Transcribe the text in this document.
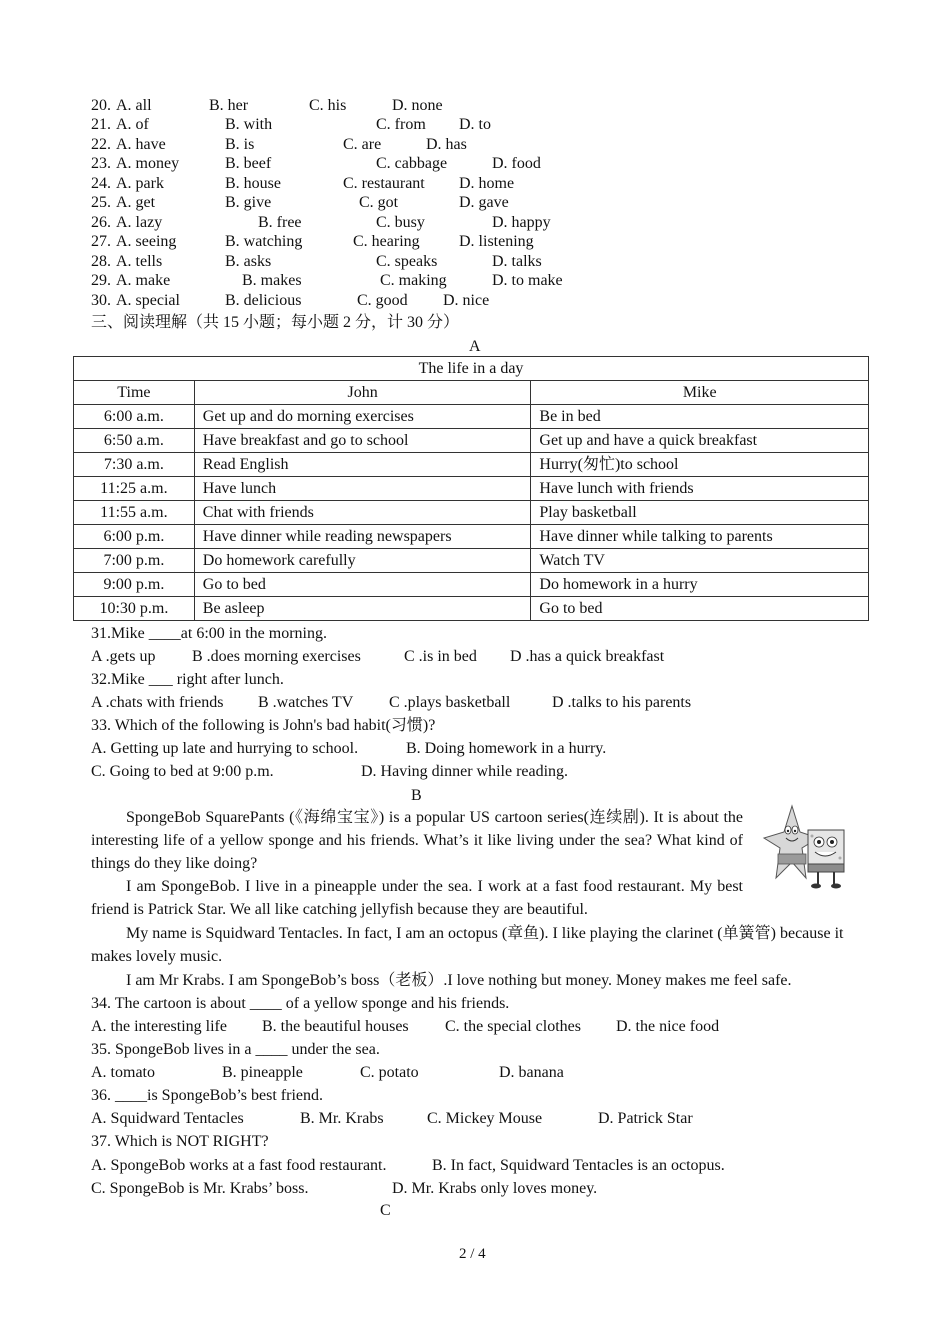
20. A. all	B. her	C. his	D. none
21. A. of	B. with	C. from D. to
22. A. have	B. is	C. are	D. has
23. A. money	B. beef	C. cabbage	D. food
24. A. park	B. house	C. restaurant D. home
25. A. get	B. give	C. got	D. gave
26. A. lazy	B. free	C. busy	D. happy
27. A. seeing	B. watching	C. hearing D. listening
28. A. tells	B. asks	C. speaks	D. talks
29. A. make	B. makes	C. making	D. to make
30. A. special	B. delicious	C. good D. nice
三、阅读理解（共 15 小题；每小题 2 分，计 30 分）
A
The life in a day		
Time	John	Mike
6:00 a.m.	Get up and do morning exercises	Be in bed
6:50 a.m.	Have breakfast and go to school	Get up and have a quick breakfast
7:30 a.m.	Read English	Hurry(匆忙)to school
11:25 a.m.	Have lunch	Have lunch with friends
11:55 a.m.	Chat with friends	Play basketball
6:00 p.m.	Have dinner while reading newspapers	Have dinner while talking to parents
7:00 p.m.	Do homework carefully	Watch TV
9:00 p.m.	Go to bed	Do homework in a hurry
10:30 p.m.	Be asleep	Go to bed
31.Mike ____at 6:00 in the morning.
A .gets up B .does morning exercises	C .is in bed D .has a quick breakfast
32.Mike ___ right after lunch.
A .chats with friends B .watches TV C .plays basketball	D .talks to his parents
33. Which of the following is John's bad habit(习惯)?
A. Getting up late and hurrying to school.	B. Doing homework in a hurry.
C. Going to bed at 9:00 p.m.	D. Having dinner while reading.
B
SpongeBob SquarePants (《海绵宝宝》) is a popular US cartoon series(连续剧). It is about the interesting life of a yellow sponge and his friends. What’s it like living under the sea? What kind of things do they like doing?
I am SpongeBob. I live in a pineapple under the sea. I work at a fast food restaurant. My best friend is Patrick Star. We all like catching jellyfish because they are beautiful.
My name is Squidward Tentacles. In fact, I am an octopus (章鱼). I like playing the clarinet (单簧管) because it makes lovely music.
I am Mr Krabs. I am SpongeBob’s boss（老板）.I love nothing but money. Money makes me feel safe.
34. The cartoon is about ____ of a yellow sponge and his friends.
A. the interesting life B. the beautiful houses C. the special clothes D. the nice food
35. SpongeBob lives in a ____ under the sea.
A. tomato	B. pineapple	C. potato	D. banana
36. ____is SpongeBob’s best friend.
A. Squidward Tentacles	B. Mr. Krabs	C. Mickey Mouse	D. Patrick Star
37. Which is NOT RIGHT?
A. SpongeBob works at a fast food restaurant.	B. In fact, Squidward Tentacles is an octopus.
C. SpongeBob is Mr. Krabs’ boss.	D. Mr. Krabs only loves money.
C
2 / 4
